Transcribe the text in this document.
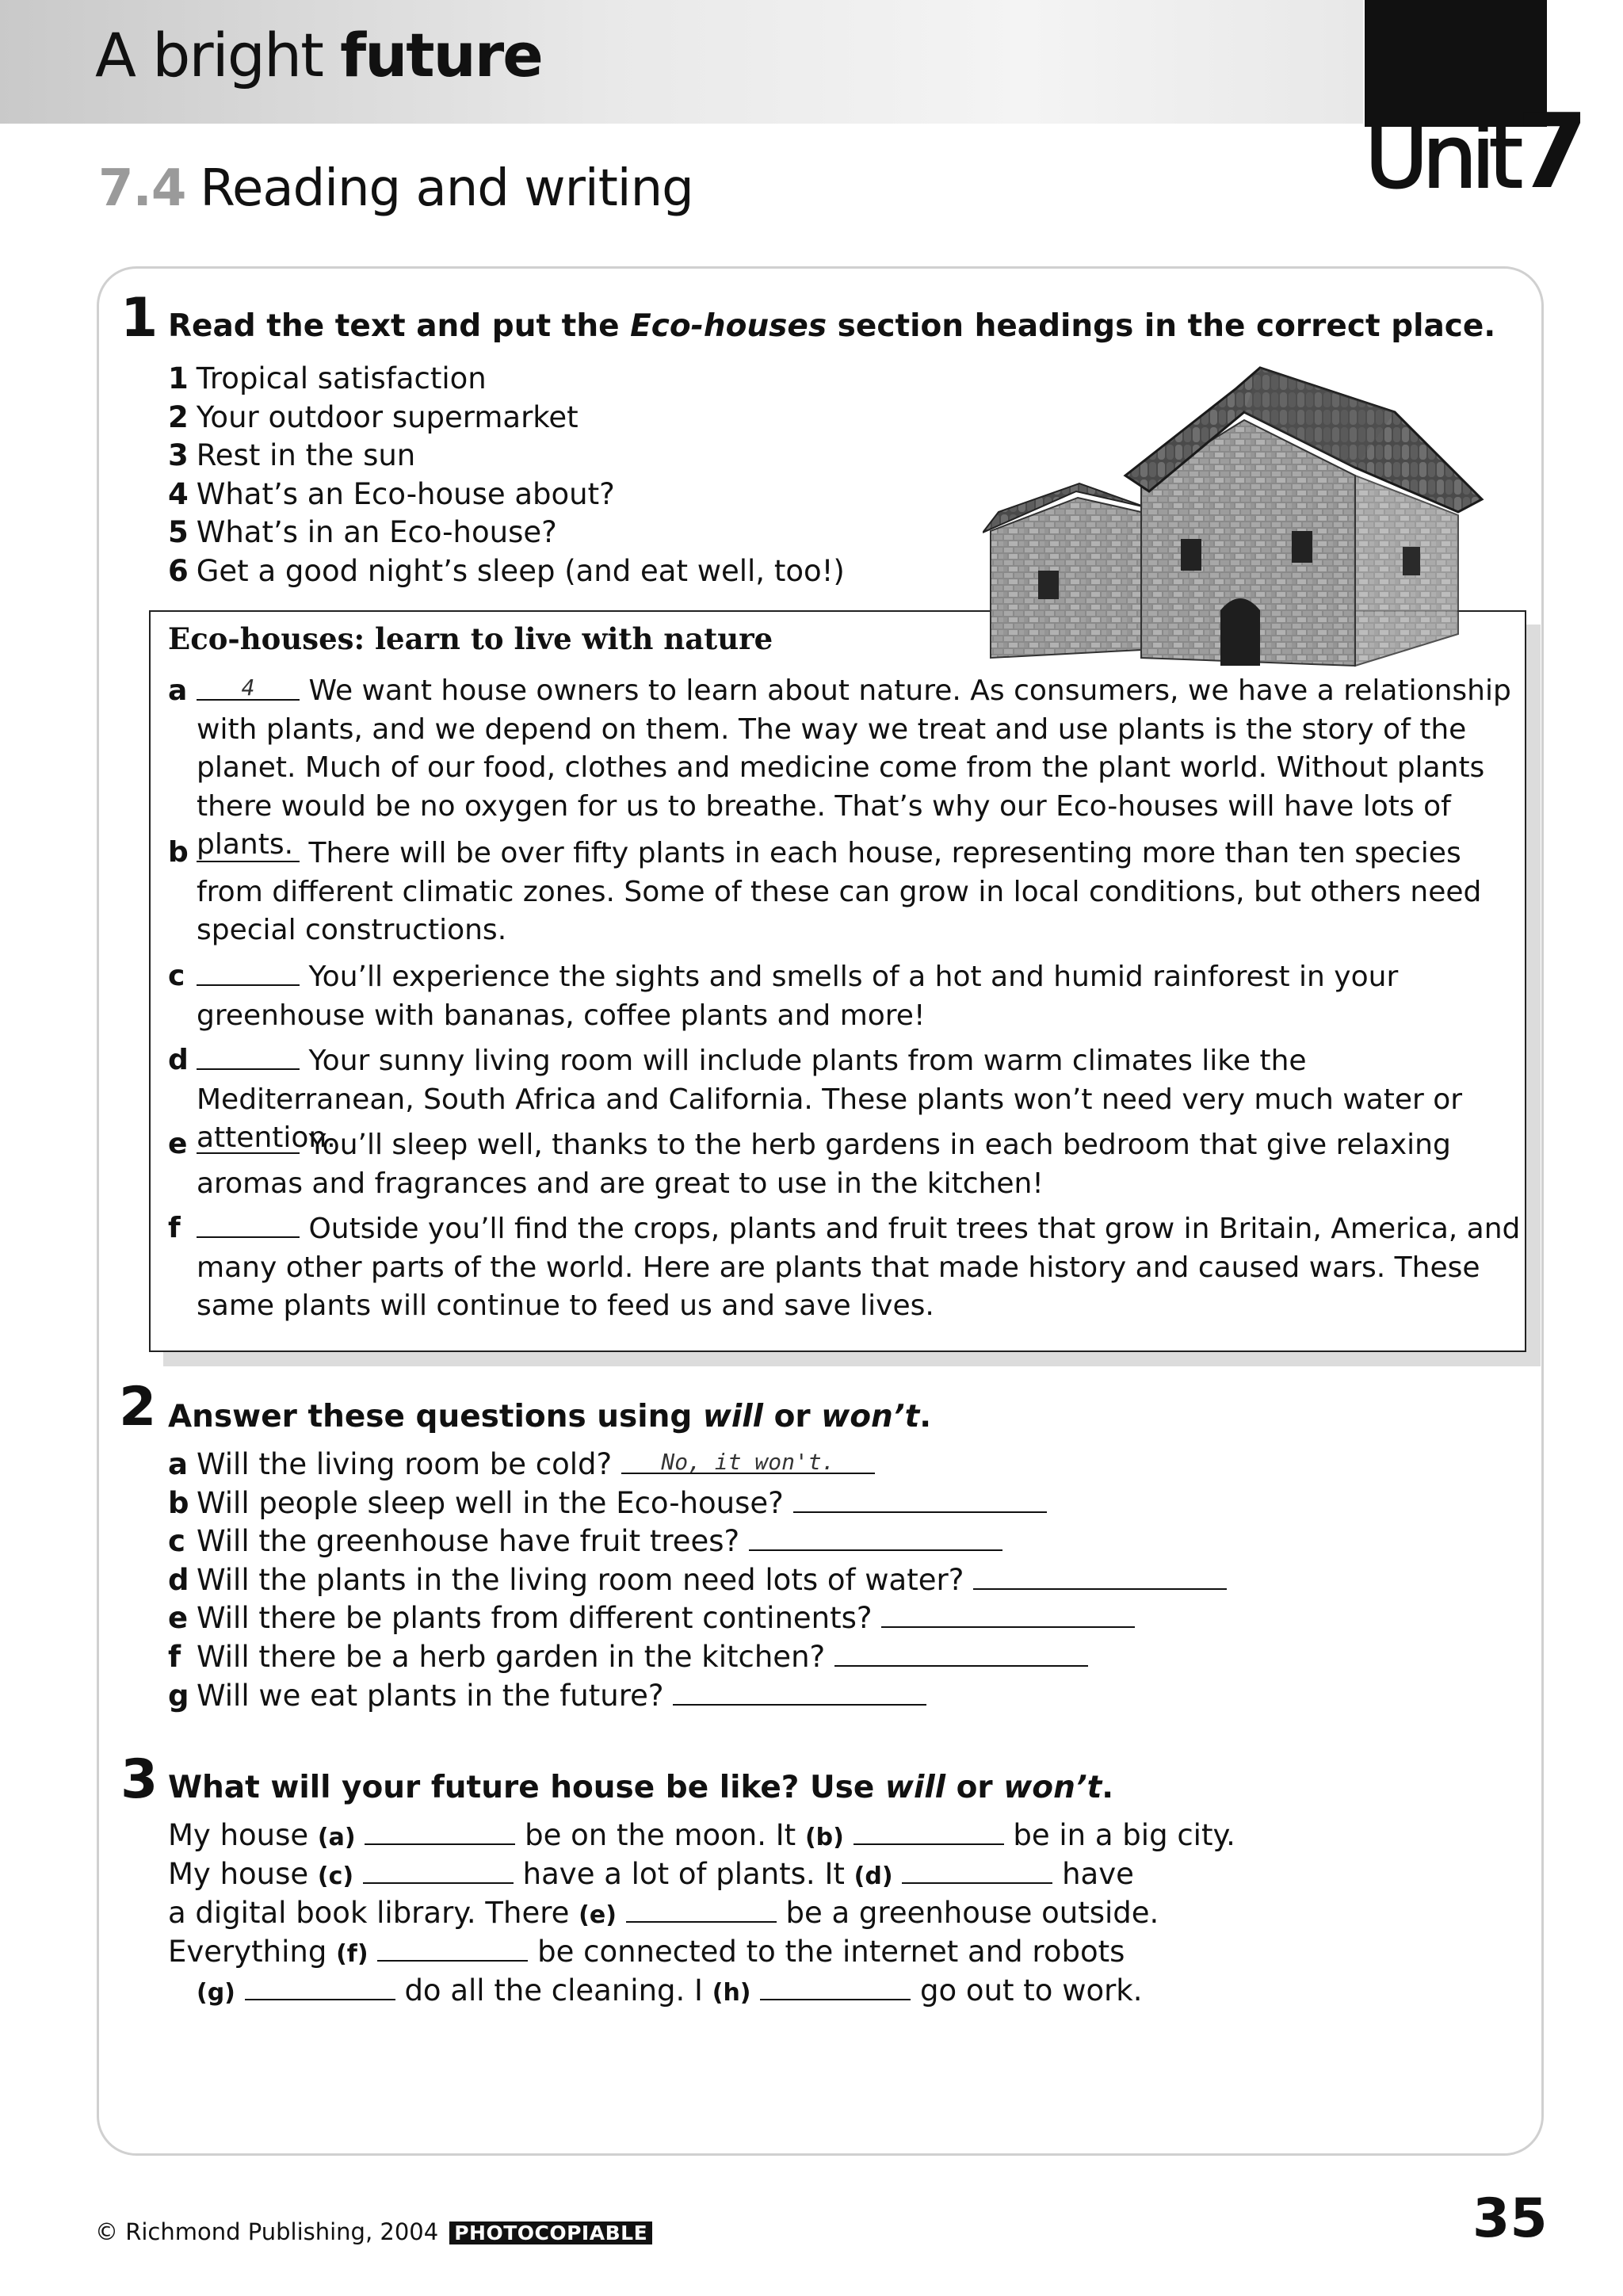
A bright future
Unit7
7.4 Reading and writing
1 Read the text and put the Eco-houses section headings in the correct place.
1 Tropical satisfaction
2 Your outdoor supermarket
3 Rest in the sun
4 What’s an Eco-house about?
5 What’s in an Eco-house?
6 Get a good night’s sleep (and eat well, too!)
Eco-houses: learn to live with nature
a	4 We want house owners to learn about nature. As consumers, we have a relationship with plants, and we depend on them. The way we treat and use plants is the story of the planet. Much of our food, clothes and medicine come from the plant world. Without plants there would be no oxygen for us to breathe. That’s why our Eco-houses will have lots of plants.
b	There will be over fifty plants in each house, representing more than ten species from different climatic zones. Some of these can grow in local conditions, but others need special constructions.
c	You’ll experience the sights and smells of a hot and humid rainforest in your greenhouse with bananas, coffee plants and more!
d	Your sunny living room will include plants from warm climates like the Mediterranean, South Africa and California. These plants won’t need very much water or attention.
e	You’ll sleep well, thanks to the herb gardens in each bedroom that give relaxing aromas and fragrances and are great to use in the kitchen!
f	Outside you’ll find the crops, plants and fruit trees that grow in Britain, America, and many other parts of the world. Here are plants that made history and caused wars. These same plants will continue to feed us and save lives.
2 Answer these questions using will or won’t.
a Will the living room be cold? No, it won't.
b Will people sleep well in the Eco-house?
c Will the greenhouse have fruit trees?
d Will the plants in the living room need lots of water?
e Will there be plants from different continents?
f Will there be a herb garden in the kitchen?
g Will we eat plants in the future?
3 What will your future house be like? Use will or won’t.
My house (a)	be on the moon. It (b)	be in a big city.
My house (c)	have a lot of plants. It (d)	have
a digital book library. There (e)	be a greenhouse outside.
Everything (f)	be connected to the internet and robots
(g)	do all the cleaning. I (h)	go out to work.
© Richmond Publishing, 2004 PHOTOCOPIABLE	35
